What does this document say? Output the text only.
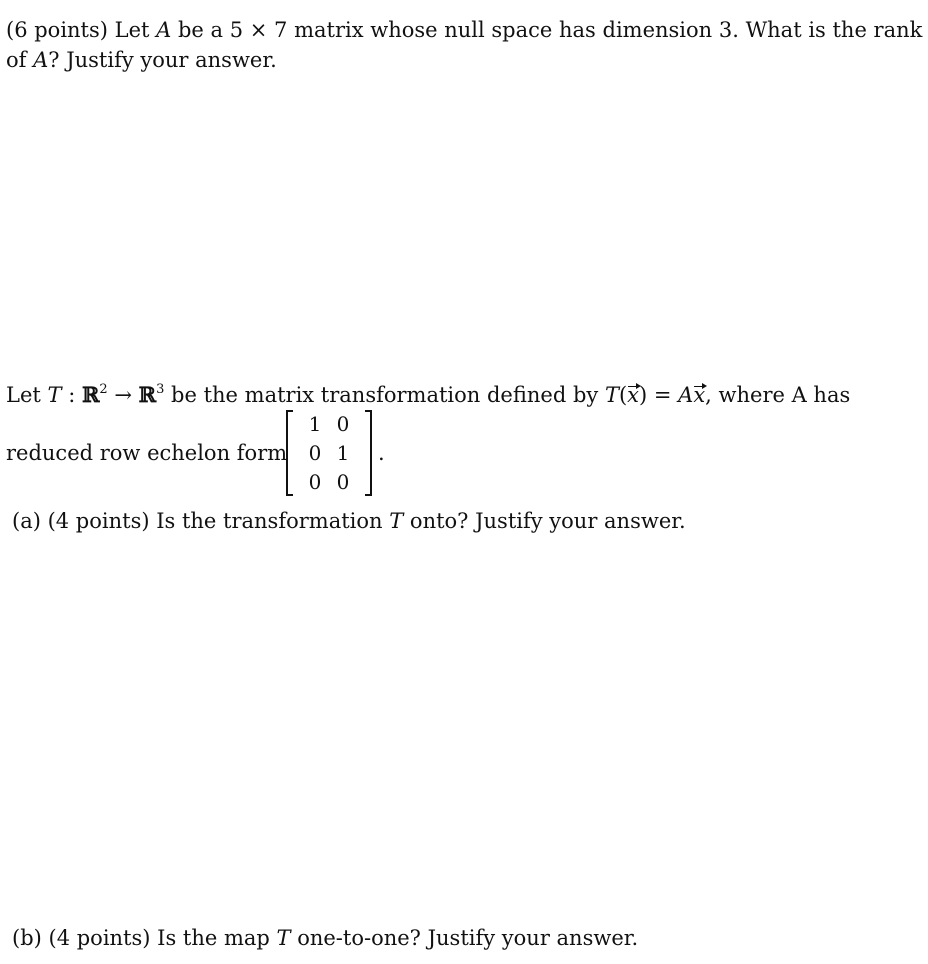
(6 points) Let A be a 5 × 7 matrix whose null space has dimension 3. What is the rank
of A? Justify your answer.
Let T : ℝ$^2$ → ℝ$^3$ be the matrix transformation defined by T(x) = Ax, where A has
reduced row echelon form
1 0
0 1
0 0
.
(a) (4 points) Is the transformation T onto? Justify your answer.
(b) (4 points) Is the map T one-to-one? Justify your answer.
